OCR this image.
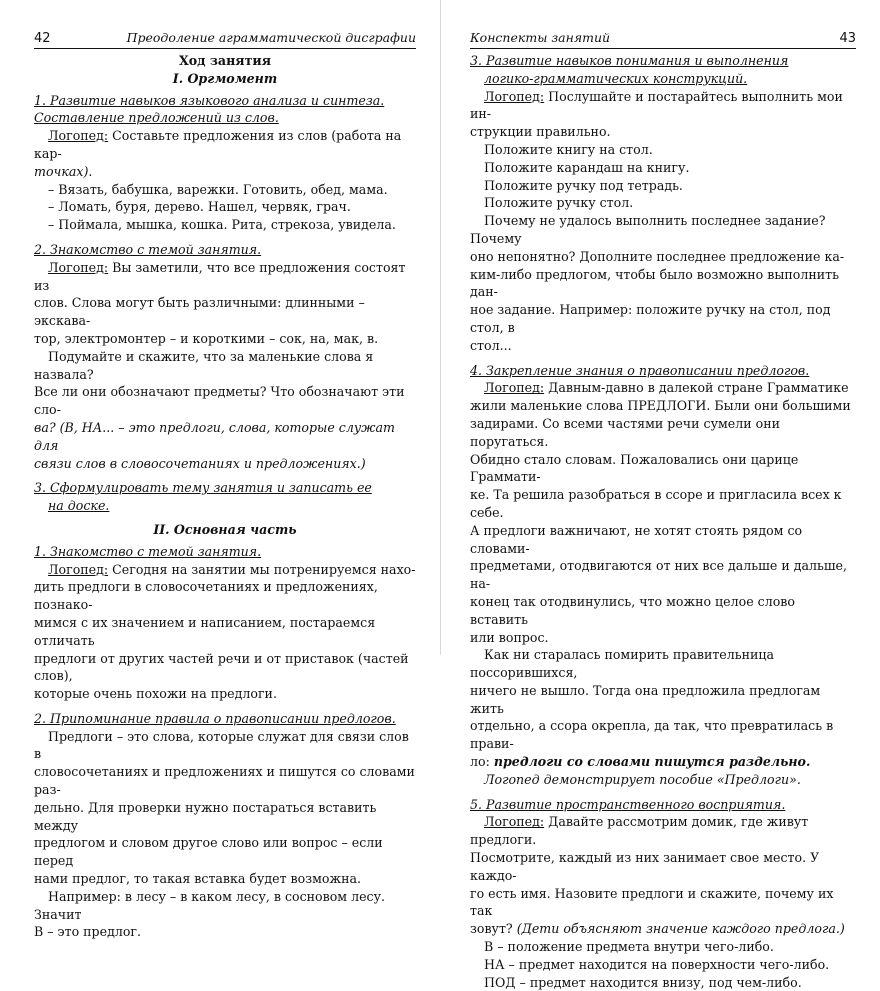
42	Преодоление аграмматической дисграфии

Ход занятия

I. Оргмомент

1. Развитие навыков языкового анализа и синтеза.

Составление предложений из слов.

Логопед: Составьте предложения из слов (работа на кар-

точках).

– Вязать, бабушка, варежки. Готовить, обед, мама.

– Ломать, буря, дерево. Нашел, червяк, грач.

– Поймала, мышка, кошка. Рита, стрекоза, увидела.

2. Знакомство с темой занятия.

Логопед: Вы заметили, что все предложения состоят из

слов. Слова могут быть различными: длинными – экскава-

тор, электромонтер – и короткими – сок, на, мак, в.

Подумайте и скажите, что за маленькие слова я назвала?

Все ли они обозначают предметы? Что обозначают эти сло-

ва? (В, НА... – это предлоги, слова, которые служат для

связи слов в словосочетаниях и предложениях.)

3. Сформулировать тему занятия и записать ее

на доске.

II. Основная часть

1. Знакомство с темой занятия.

Логопед: Сегодня на занятии мы потренируемся нахо-

дить предлоги в словосочетаниях и предложениях, познако-

мимся с их значением и написанием, постараемся отличать

предлоги от других частей речи и от приставок (частей слов),

которые очень похожи на предлоги.

2. Припоминание правила о правописании предлогов.

Предлоги – это слова, которые служат для связи слов в

словосочетаниях и предложениях и пишутся со словами раз-

дельно. Для проверки нужно постараться вставить между

предлогом и словом другое слово или вопрос – если перед

нами предлог, то такая вставка будет возможна.

Например: в лесу – в каком лесу, в сосновом лесу. Значит

В – это предлог.

Конспекты занятий	43

3. Развитие навыков понимания и выполнения

логико-грамматических конструкций.

Логопед: Послушайте и постарайтесь выполнить мои ин-

струкции правильно.

Положите книгу на стол.

Положите карандаш на книгу.

Положите ручку под тетрадь.

Положите ручку стол.

Почему не удалось выполнить последнее задание? Почему

оно непонятно? Дополните последнее предложение ка-

ким-либо предлогом, чтобы было возможно выполнить дан-

ное задание. Например: положите ручку на стол, под стол, в

стол...

4. Закрепление знания о правописании предлогов.

Логопед: Давным-давно в далекой стране Грамматике

жили маленькие слова ПРЕДЛОГИ. Были они большими

задирами. Со всеми частями речи сумели они поругаться.

Обидно стало словам. Пожаловались они царице Граммати-

ке. Та решила разобраться в ссоре и пригласила всех к себе.

А предлоги важничают, не хотят стоять рядом со словами-

предметами, отодвигаются от них все дальше и дальше, на-

конец так отодвинулись, что можно целое слово вставить

или вопрос.

Как ни старалась помирить правительница поссорившихся,

ничего не вышло. Тогда она предложила предлогам жить

отдельно, а ссора окрепла, да так, что превратилась в прави-

ло: предлоги со словами пишутся раздельно.

Логопед демонстрирует пособие «Предлоги».

5. Развитие пространственного восприятия.

Логопед: Давайте рассмотрим домик, где живут предлоги.

Посмотрите, каждый из них занимает свое место. У каждо-

го есть имя. Назовите предлоги и скажите, почему их так

зовут? (Дети объясняют значение каждого предлога.)

В – положение предмета внутри чего-либо.

НА – предмет находится на поверхности чего-либо.

ПОД – предмет находится внизу, под чем-либо.
